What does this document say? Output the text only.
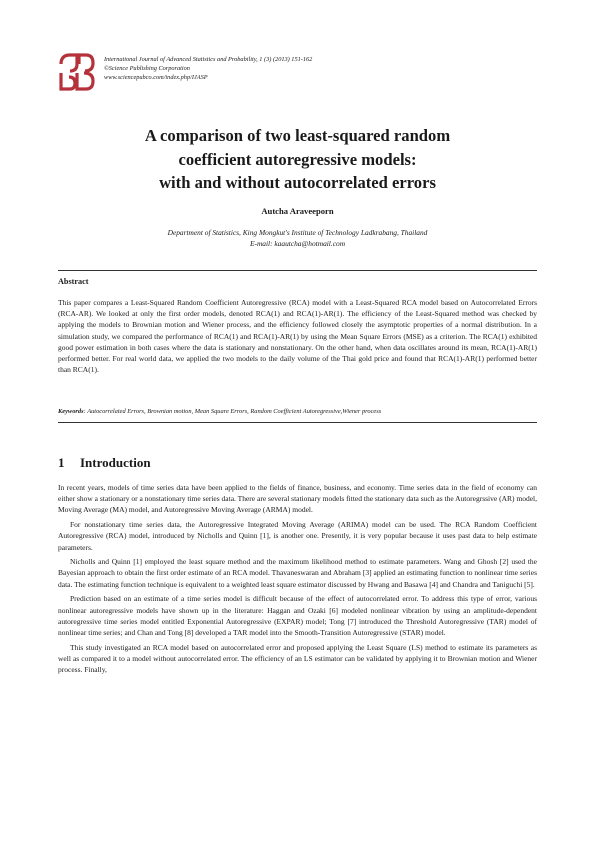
International Journal of Advanced Statistics and Probability, 1 (3) (2013) 151-162
©Science Publishing Corporation
www.sciencepubco.com/index.php/IJASP
A comparison of two least-squared random
coefficient autoregressive models:
with and without autocorrelated errors
Autcha Araveeporn
Department of Statistics, King Mongkut's Institute of Technology Ladkrabang, Thailand
E-mail: kaautcha@hotmail.com
Abstract
This paper compares a Least-Squared Random Coefficient Autoregressive (RCA) model with a Least-Squared RCA model based on Autocorrelated Errors (RCA-AR). We looked at only the first order models, denoted RCA(1) and RCA(1)-AR(1). The efficiency of the Least-Squared method was checked by applying the models to Brownian motion and Wiener process, and the efficiency followed closely the asymptotic properties of a normal distribution. In a simulation study, we compared the performance of RCA(1) and RCA(1)-AR(1) by using the Mean Square Errors (MSE) as a criterion. The RCA(1) exhibited good power estimation in both cases where the data is stationary and nonstationary. On the other hand, when data oscillates around its mean, RCA(1)-AR(1) performed better. For real world data, we applied the two models to the daily volume of the Thai gold price and found that RCA(1)-AR(1) performed better than RCA(1).
Keywords: Autocorrelated Errors, Brownian motion, Mean Square Errors, Random Coefficient Autoregressive,Wiener process
1 Introduction

In recent years, models of time series data have been applied to the fields of finance, business, and economy. Time series data in the field of economy can either show a stationary or a nonstationary time series data. There are several stationary models fitted the stationary data such as the Autoregrssive (AR) model, Moving Average (MA) model, and Autoregressive Moving Average (ARMA) model.

For nonstationary time series data, the Autoregressive Integrated Moving Average (ARIMA) model can be used. The RCA Random Coefficient Autoregressive (RCA) model, introduced by Nicholls and Quinn [1], is another one. Presently, it is very popular because it uses past data to help estimate parameters.

Nicholls and Quinn [1] employed the least square method and the maximum likelihood method to estimate parameters. Wang and Ghosh [2] used the Bayesian approach to obtain the first order estimate of an RCA model. Thavaneswaran and Abraham [3] applied an estimating function to nonlinear time series data. The estimating function technique is equivalent to a weighted least square estimator discussed by Hwang and Basawa [4] and Chandra and Taniguchi [5].

Prediction based on an estimate of a time series model is difficult because of the effect of autocorrelated error. To address this type of error, various nonlinear autoregressive models have shown up in the literature: Haggan and Ozaki [6] modeled nonlinear vibration by using an amplitude-dependent autoregressive time series model entitled Exponential Autoregressive (EXPAR) model; Tong [7] introduced the Threshold Autoregressive (TAR) model of nonlinear time series; and Chan and Tong [8] developed a TAR model into the Smooth-Transition Autoregressive (STAR) model.

This study investigated an RCA model based on autocorrelated error and proposed applying the Least Square (LS) method to estimate its parameters as well as compared it to a model without autocorrelated error. The efficiency of an LS estimator can be validated by applying it to Brownian motion and Wiener process. Finally,
